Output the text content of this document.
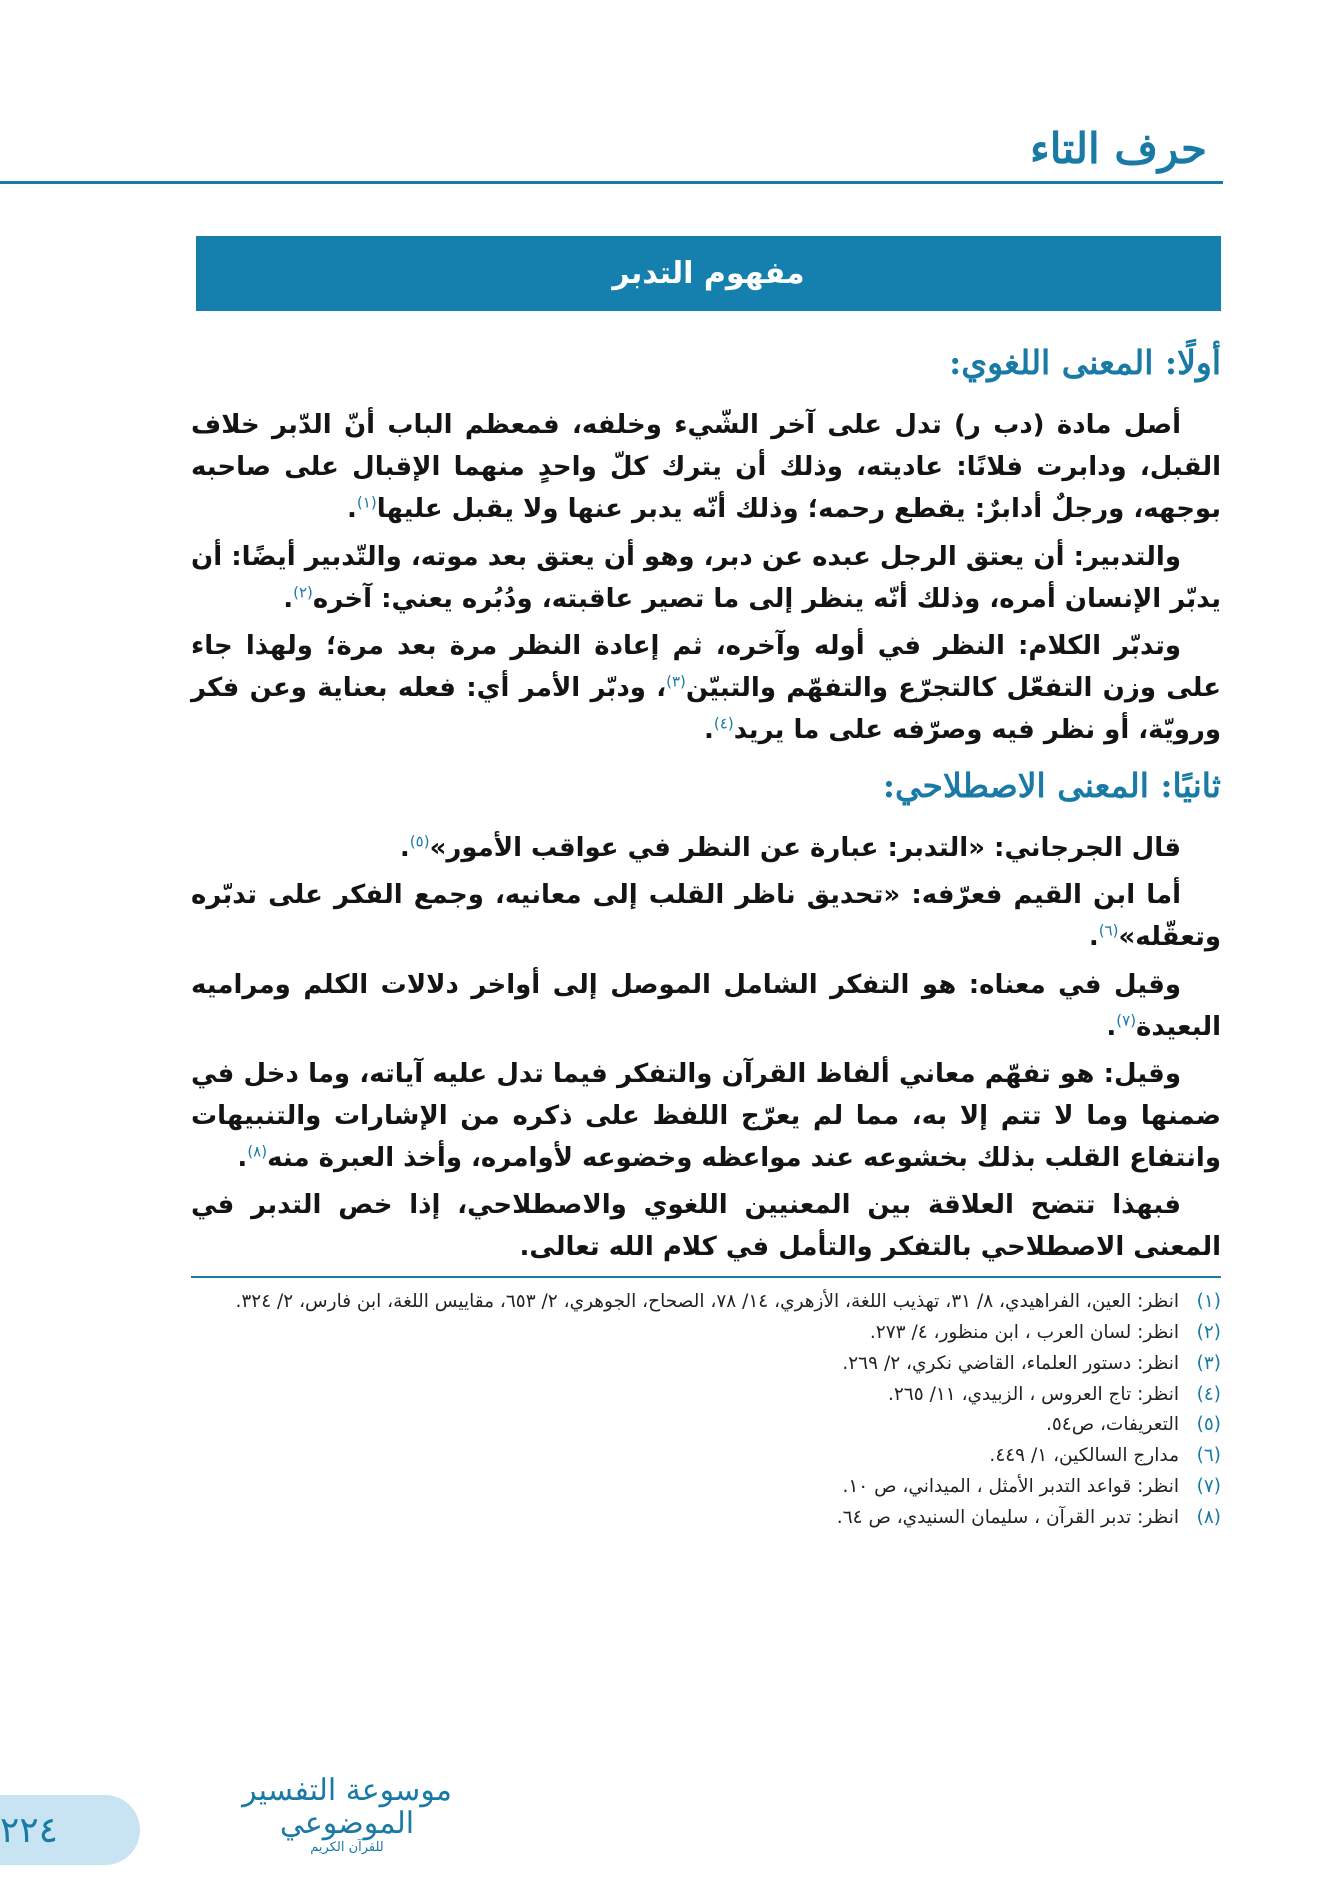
حرف التاء
مفهوم التدبر
أولًا: المعنى اللغوي:

أصل مادة (دب ر) تدل على آخر الشّيء وخلفه، فمعظم الباب أنّ الدّبر خلاف القبل، ودابرت فلانًا: عاديته، وذلك أن يترك كلّ واحدٍ منهما الإقبال على صاحبه بوجهه، ورجلٌ أدابرٌ: يقطع رحمه؛ وذلك أنّه يدبر عنها ولا يقبل عليها$^{(١)}$.

والتدبير: أن يعتق الرجل عبده عن دبر، وهو أن يعتق بعد موته، والتّدبير أيضًا: أن يدبّر الإنسان أمره، وذلك أنّه ينظر إلى ما تصير عاقبته، ودُبُره يعني: آخره$^{(٢)}$.

وتدبّر الكلام: النظر في أوله وآخره، ثم إعادة النظر مرة بعد مرة؛ ولهذا جاء على وزن التفعّل كالتجرّع والتفهّم والتبيّن$^{(٣)}$، ودبّر الأمر أي: فعله بعناية وعن فكر ورويّة، أو نظر فيه وصرّفه على ما يريد$^{(٤)}$.

ثانيًا: المعنى الاصطلاحي:

قال الجرجاني: «التدبر: عبارة عن النظر في عواقب الأمور»$^{(٥)}$.

أما ابن القيم فعرّفه: «تحديق ناظر القلب إلى معانيه، وجمع الفكر على تدبّره وتعقّله»$^{(٦)}$.

وقيل في معناه: هو التفكر الشامل الموصل إلى أواخر دلالات الكلم ومراميه البعيدة$^{(٧)}$.

وقيل: هو تفهّم معاني ألفاظ القرآن والتفكر فيما تدل عليه آياته، وما دخل في ضمنها وما لا تتم إلا به، مما لم يعرّج اللفظ على ذكره من الإشارات والتنبيهات وانتفاع القلب بذلك بخشوعه عند مواعظه وخضوعه لأوامره، وأخذ العبرة منه$^{(٨)}$.

فبهذا تتضح العلاقة بين المعنيين اللغوي والاصطلاحي، إذا خص التدبر في المعنى الاصطلاحي بالتفكر والتأمل في كلام الله تعالى.

(١)
انظر: العين، الفراهيدي، ٨/ ٣١، تهذيب اللغة، الأزهري، ١٤/ ٧٨، الصحاح، الجوهري، ٢/ ٦٥٣، مقاييس اللغة، ابن فارس، ٢/ ٣٢٤.
(٢)
انظر: لسان العرب ، ابن منظور، ٤/ ٢٧٣.
(٣)
انظر: دستور العلماء، القاضي نكري، ٢/ ٢٦٩.
(٤)
انظر: تاج العروس ، الزبيدي، ١١/ ٢٦٥.
(٥)
التعريفات، ص٥٤.
(٦)
مدارج السالكين، ١/ ٤٤٩.
(٧)
انظر: قواعد التدبر الأمثل ، الميداني، ص ١٠.
(٨)
انظر: تدبر القرآن ، سليمان السنيدي، ص ٦٤.
٢٢٤
موسوعة التفسير الموضوعي
للقرآن الكريم
